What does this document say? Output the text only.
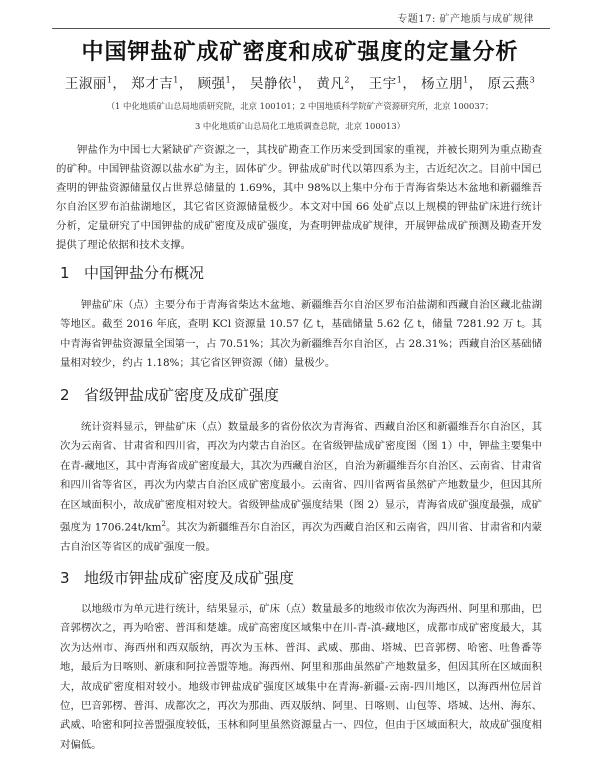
专题17: 矿产地质与成矿规律
中国钾盐矿成矿密度和成矿强度的定量分析
王淑丽$^1$， 郑才吉$^1$， 顾强$^1$， 吴静依$^1$， 黄凡$^2$， 王宇$^1$， 杨立朋$^1$， 原云燕$^3$
（1 中化地质矿山总局地质研究院，北京 100101；2 中国地质科学院矿产资源研究所，北京 100037；
3 中化地质矿山总局化工地质调查总院，北京 100013）
钾盐作为中国七大紧缺矿产资源之一，其找矿勘查工作历来受到国家的重视，并被长期列为重点勘查的矿种。中国钾盐资源以盐水矿为主，固体矿少。钾盐成矿时代以第四系为主，古近纪次之。目前中国已查明的钾盐资源储量仅占世界总储量的 1.69%，其中 98%以上集中分布于青海省柴达木盆地和新疆维吾尔自治区罗布泊盐湖地区，其它省区资源储量极少。本文对中国 66 处矿点以上规模的钾盐矿床进行统计分析，定量研究了中国钾盐的成矿密度及成矿强度，为查明钾盐成矿规律，开展钾盐成矿预测及勘查开发提供了理论依据和技术支撑。
1 中国钾盐分布概况
钾盐矿床（点）主要分布于青海省柴达木盆地、新疆维吾尔自治区罗布泊盐湖和西藏自治区藏北盐湖等地区。截至 2016 年底，查明 KCl 资源量 10.57 亿 t，基础储量 5.62 亿 t，储量 7281.92 万 t。其中青海省钾盐资源量全国第一，占 70.51%；其次为新疆维吾尔自治区，占 28.31%；西藏自治区基础储量相对较少，约占 1.18%；其它省区钾资源（储）量极少。
2 省级钾盐成矿密度及成矿强度
统计资料显示，钾盐矿床（点）数量最多的省份依次为青海省、西藏自治区和新疆维吾尔自治区，其次为云南省、甘肃省和四川省，再次为内蒙古自治区。在省级钾盐成矿密度图（图 1）中，钾盐主要集中在青-藏地区，其中青海省成矿密度最大，其次为西藏自治区，自治为新疆维吾尔自治区、云南省、甘肃省和四川省等省区，再次为内蒙古自治区成矿密度最小。云南省、四川省两省虽然矿产地数量少，但因其所在区域面积小，故成矿密度相对较大。省级钾盐成矿强度结果（图 2）显示，青海省成矿强度最强，成矿强度为 $1706.24t/km^2$。其次为新疆维吾尔自治区，再次为西藏自治区和云南省，四川省、甘肃省和内蒙古自治区等省区的成矿强度一般。
3 地级市钾盐成矿密度及成矿强度
以地级市为单元进行统计，结果显示，矿床（点）数量最多的地级市依次为海西州、阿里和那曲，巴音郭楞次之，再为哈密、普洱和楚雄。成矿高密度区域集中在川-青-滇-藏地区，成都市成矿密度最大，其次为达州市、海西州和西双版纳，再次为玉林、普洱、武威、那曲、塔城、巴音郭楞、哈密、吐鲁番等地，最后为日喀则、新康和阿拉善盟等地。海西州、阿里和那曲虽然矿产地数量多，但因其所在区域面积大，故成矿密度相对较小。地级市钾盐成矿强度区域集中在青海-新疆-云南-四川地区，以海西州位居首位，巴音郭楞、普洱、成都次之，再次为那曲、西双版纳、阿里、日喀则、山包等、塔城、达州、海东、武威、哈密和阿拉善盟强度较低，玉林和阿里虽然资源量占一、四位，但由于区域面积大，故成矿强度相对偏低。
